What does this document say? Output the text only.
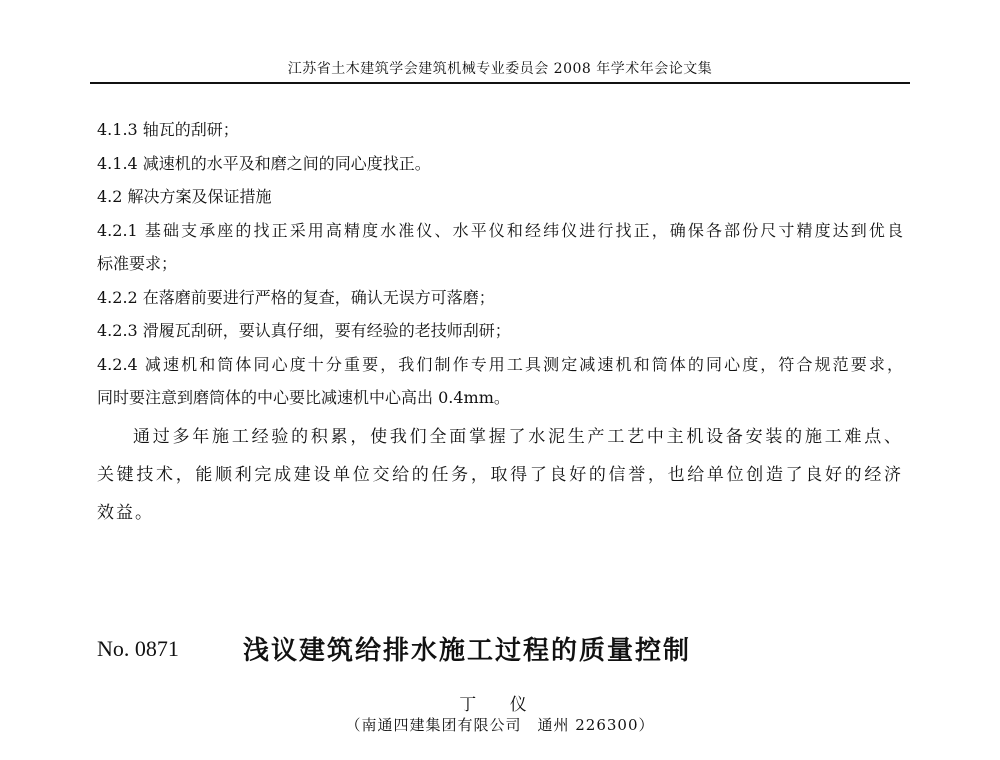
江苏省土木建筑学会建筑机械专业委员会 2008 年学术年会论文集
4.1.3 轴瓦的刮研；
4.1.4 减速机的水平及和磨之间的同心度找正。
4.2 解决方案及保证措施
4.2.1 基础支承座的找正采用高精度水准仪、水平仪和经纬仪进行找正，确保各部份尺寸精度达到优良
标准要求；
4.2.2 在落磨前要进行严格的复查，确认无误方可落磨；
4.2.3 滑履瓦刮研，要认真仔细，要有经验的老技师刮研；
4.2.4 减速机和筒体同心度十分重要，我们制作专用工具测定减速机和筒体的同心度，符合规范要求，
同时要注意到磨筒体的中心要比减速机中心高出 0.4mm。
通过多年施工经验的积累，使我们全面掌握了水泥生产工艺中主机设备安装的施工难点、
关键技术，能顺利完成建设单位交给的任务，取得了良好的信誉，也给单位创造了良好的经济
效益。
No. 0871 浅议建筑给排水施工过程的质量控制
丁 仪
（南通四建集团有限公司　通州 226300）
